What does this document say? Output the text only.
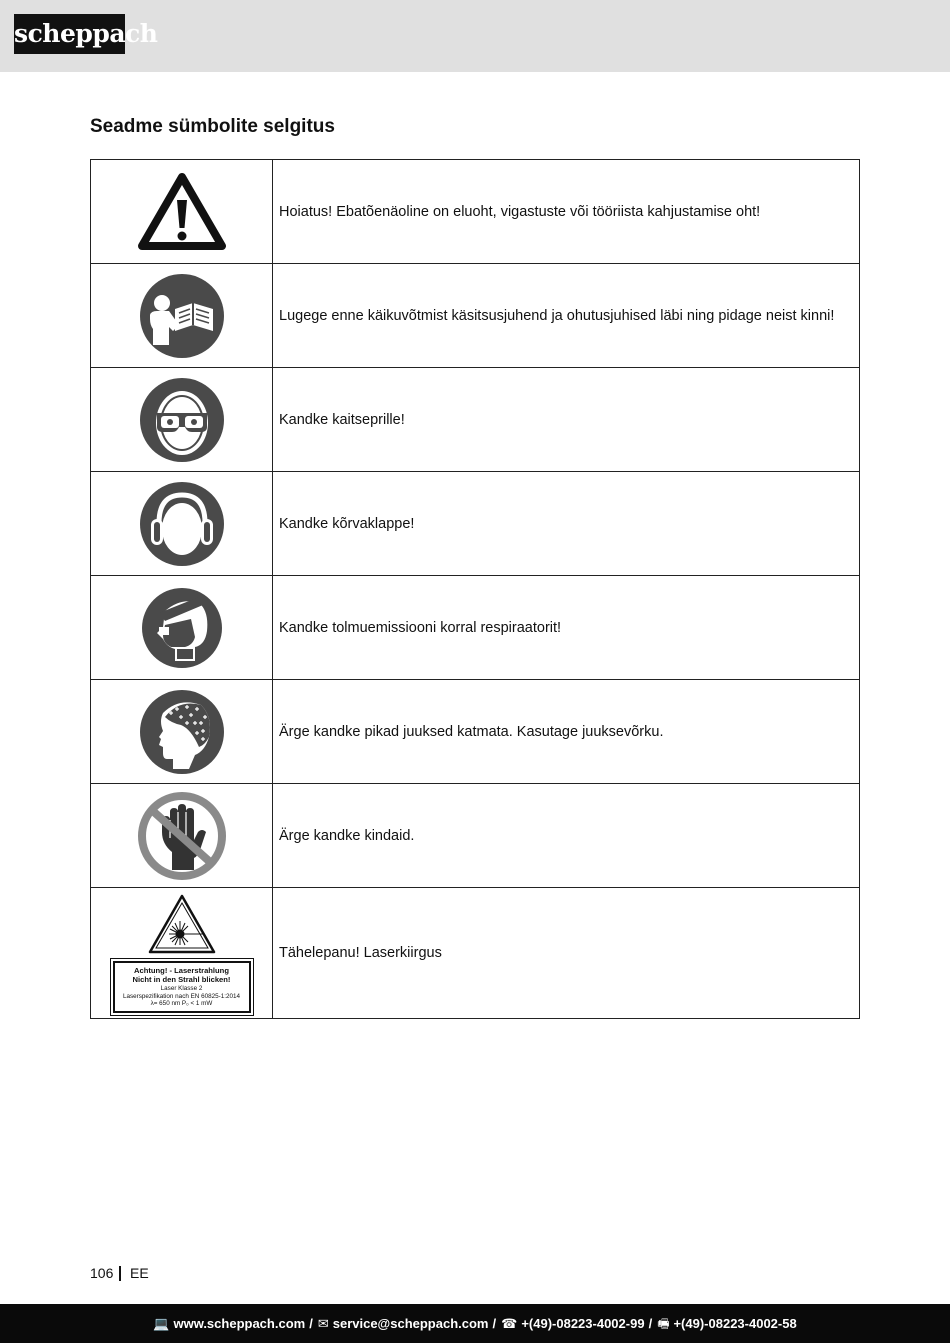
scheppach
Seadme sümbolite selgitus
	Hoiatus! Ebatõenäoline on eluoht, vigastuste või tööriista kahjustamise oht!

	Lugege enne käikuvõtmist käsitsusjuhend ja ohutusjuhised läbi ning pidage neist kinni!

	Kandke kaitseprille!

	Kandke kõrvaklappe!

	Kandke tolmuemissiooni korral respiraatorit!

	Ärge kandke pikad juuksed katmata. Kasutage juuksevõrku.

	Ärge kandke kindaid.

Achtung! - Laserstrahlung
Nicht in den Strahl blicken!
Laser Klasse 2
Laserspezifikation nach EN 60825-1:2014
λ= 650 nm P₀ < 1 mW	Tähelepanu! Laserkiirgus
106 EE
💻 www.scheppach.com / ✉ service@scheppach.com / ☎ +(49)-08223-4002-99 / 🖷 +(49)-08223-4002-58
